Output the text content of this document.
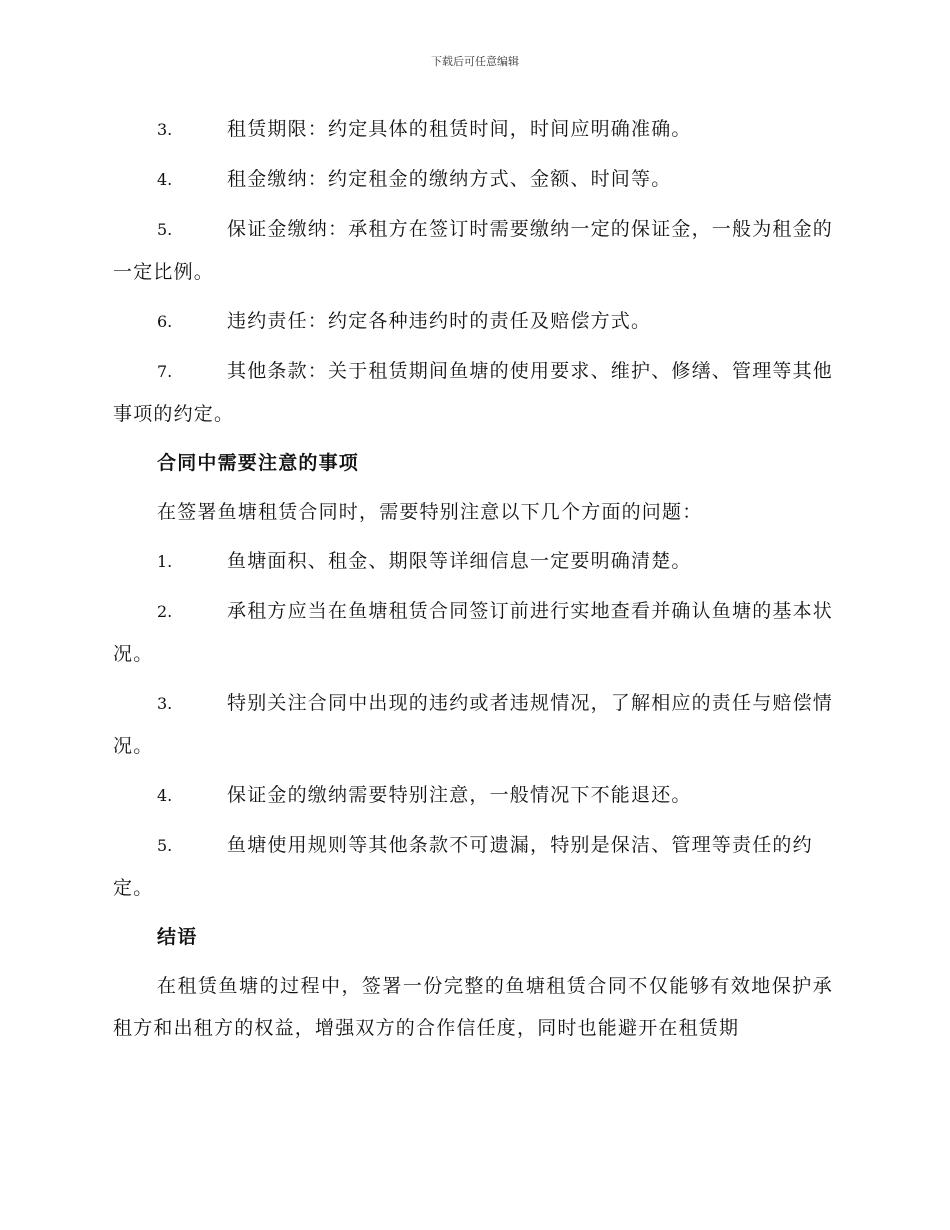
下载后可任意编辑
3.	租赁期限：约定具体的租赁时间，时间应明确准确。
4.	租金缴纳：约定租金的缴纳方式、金额、时间等。
5.	保证金缴纳：承租方在签订时需要缴纳一定的保证金，一般为租金的一定比例。
6.	违约责任：约定各种违约时的责任及赔偿方式。
7.	其他条款：关于租赁期间鱼塘的使用要求、维护、修缮、管理等其他事项的约定。
合同中需要注意的事项
在签署鱼塘租赁合同时，需要特别注意以下几个方面的问题：
1.	鱼塘面积、租金、期限等详细信息一定要明确清楚。
2.	承租方应当在鱼塘租赁合同签订前进行实地查看并确认鱼塘的基本状况。
3.	特别关注合同中出现的违约或者违规情况，了解相应的责任与赔偿情况。
4.	保证金的缴纳需要特别注意，一般情况下不能退还。
5.	鱼塘使用规则等其他条款不可遗漏，特别是保洁、管理等责任的约定。
结语
在租赁鱼塘的过程中，签署一份完整的鱼塘租赁合同不仅能够有效地保护承租方和出租方的权益，增强双方的合作信任度，同时也能避开在租赁期
